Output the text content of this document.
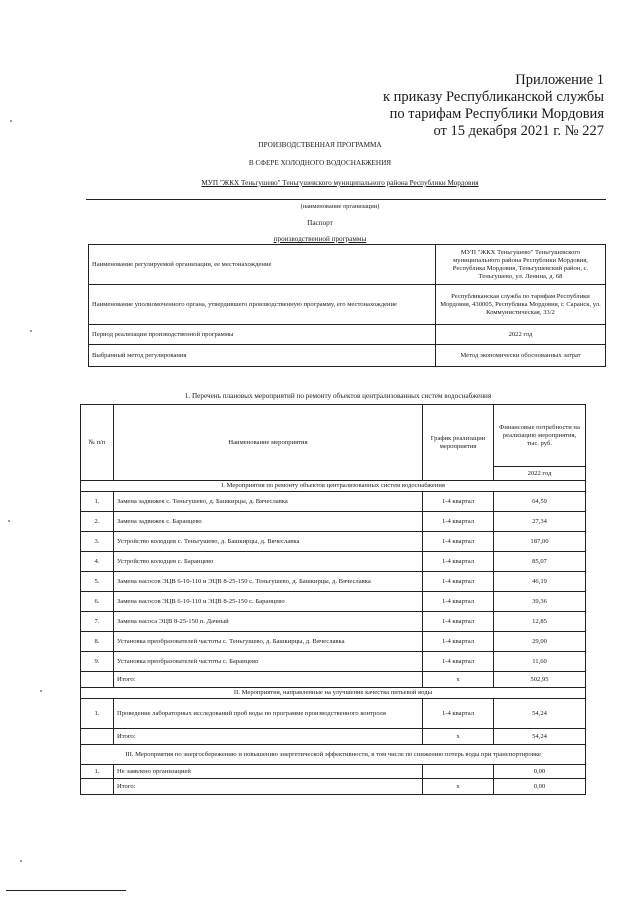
Приложение 1
к приказу Республиканской службы
по тарифам Республики Мордовия
от 15 декабря 2021 г. № 227
ПРОИЗВОДСТВЕННАЯ ПРОГРАММА
В СФЕРЕ ХОЛОДНОГО ВОДОСНАБЖЕНИЯ
МУП "ЖКХ Теньгушево" Теньгушевского муниципального района Республики Мордовия
(наименование организации)
Паспорт
производственной программы
Наименование регулируемой организации, ее местонахождение	МУП "ЖКХ Теньгушево" Теньгушевского муниципального района Республики Мордовия, Республика Мордовия, Теньгушевский район, с. Теньгушево, ул. Ленина, д. 68
Наименование уполномоченного органа, утвердившего производственную программу, его местонахождение	Республиканская служба по тарифам Республики Мордовия, 430005, Республика Мордовия, г. Саранск, ул. Коммунистическая, 33/2
Период реализации производственной программы	2022 год
Выбранный метод регулирования	Метод экономически обоснованных затрат
1. Перечень плановых мероприятий по ремонту объектов централизованных систем водоснабжения
№ п/п	Наименование мероприятия	График реализации мероприятия	Финансовые потребности на реализацию мероприятия, тыс. руб.
			2022 год
I. Мероприятия по ремонту объектов централизованных систем водоснабжения			
1.	Замена задвижек с. Теньгушево, д. Башкирцы, д. Вячеславка	1-4 квартал	64,59
2.	Замена задвижек с. Баранцево	1-4 квартал	27,34
3.	Устройство колодцев с. Теньгушево, д. Башкирцы, д. Вячеславка	1-4 квартал	187,00
4.	Устройство колодцев с. Баранцево	1-4 квартал	85,07
5.	Замена насосов ЭЦВ 6-10-110 и ЭЦВ 8-25-150 с. Теньгушево, д. Башкирцы, д. Вячеславка	1-4 квартал	46,19
6.	Замена насосов ЭЦВ 6-10-110 и ЭЦВ 8-25-150 с. Баранцево	1-4 квартал	39,36
7.	Замена насоса ЭЦВ 8-25-150 п. Дачный	1-4 квартал	12,85
8.	Установка преобразователей частоты с. Теньгушево, д. Башкирцы, д. Вячеславка	1-4 квартал	29,00
9.	Установка преобразователей частоты с. Баранцево	1-4 квартал	11,60
	Итого:	х	502,95
II. Мероприятия, направленные на улучшение качества питьевой воды			
1.	Проведение лабораторных исследований проб воды по программе производственного контроля	1-4 квартал	54,24
	Итого:	х	54,24
III. Мероприятия по энергосбережению и повышению энергетической эффективности, в том числе по снижению потерь воды при транспортировке			
1.	Не заявлено организацией		0,00
	Итого:	х	0,00
